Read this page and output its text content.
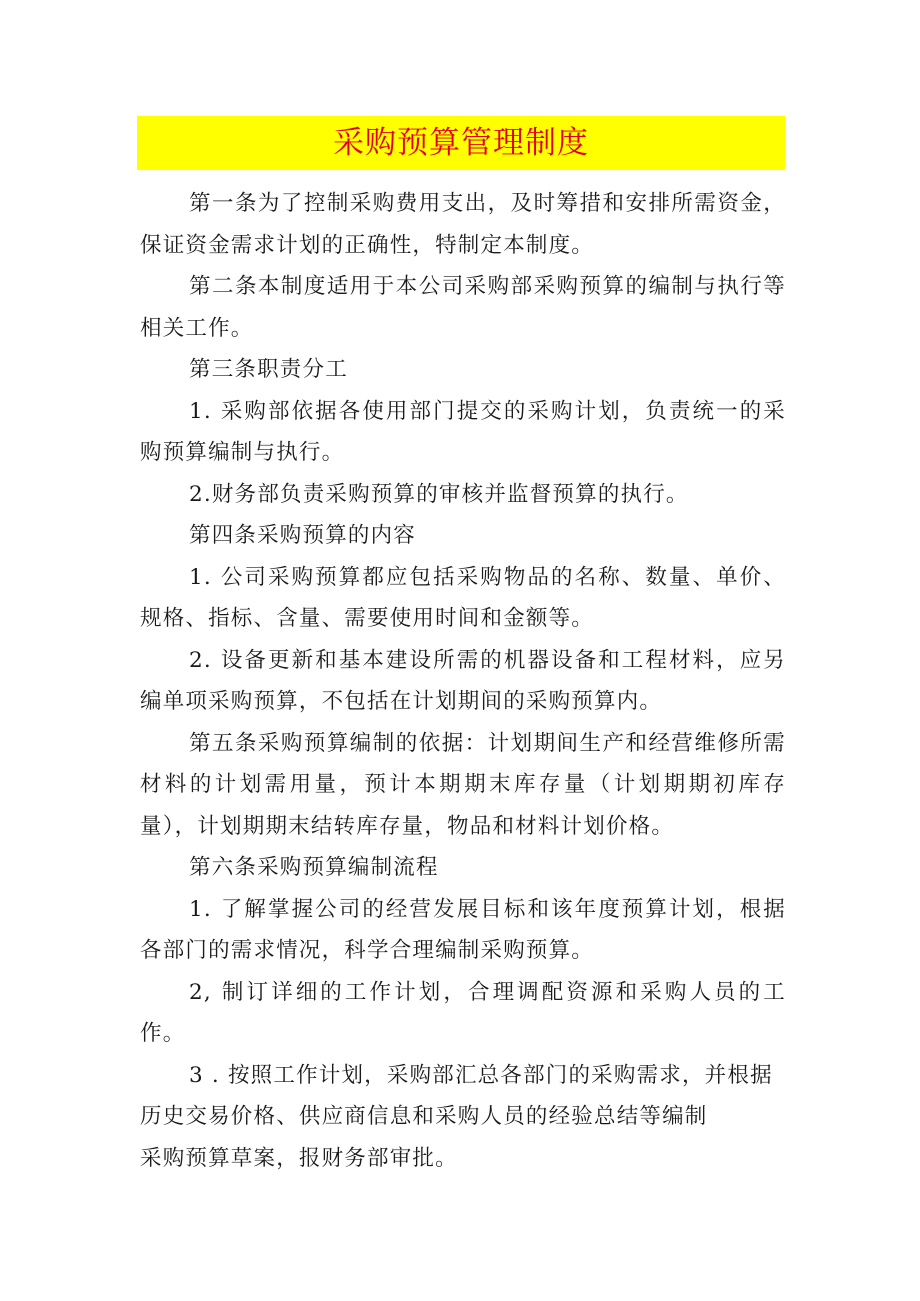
采购预算管理制度

第一条为了控制采购费用支出，及时筹措和安排所需资金，保证资金需求计划的正确性，特制定本制度。

第二条本制度适用于本公司采购部采购预算的编制与执行等相关工作。

第三条职责分工

1. 采购部依据各使用部门提交的采购计划，负责统一的采购预算编制与执行。

2.财务部负责采购预算的审核并监督预算的执行。

第四条采购预算的内容

1. 公司采购预算都应包括采购物品的名称、数量、单价、规格、指标、含量、需要使用时间和金额等。

2. 设备更新和基本建设所需的机器设备和工程材料，应另编单项采购预算，不包括在计划期间的采购预算内。

第五条采购预算编制的依据：计划期间生产和经营维修所需材料的计划需用量，预计本期期末库存量（计划期期初库存量），计划期期末结转库存量，物品和材料计划价格。

第六条采购预算编制流程

1. 了解掌握公司的经营发展目标和该年度预算计划，根据各部门的需求情况，科学合理编制采购预算。

2, 制订详细的工作计划，合理调配资源和采购人员的工作。

3 . 按照工作计划，采购部汇总各部门的采购需求，并根据

历史交易价格、供应商信息和采购人员的经验总结等编制

采购预算草案，报财务部审批。
